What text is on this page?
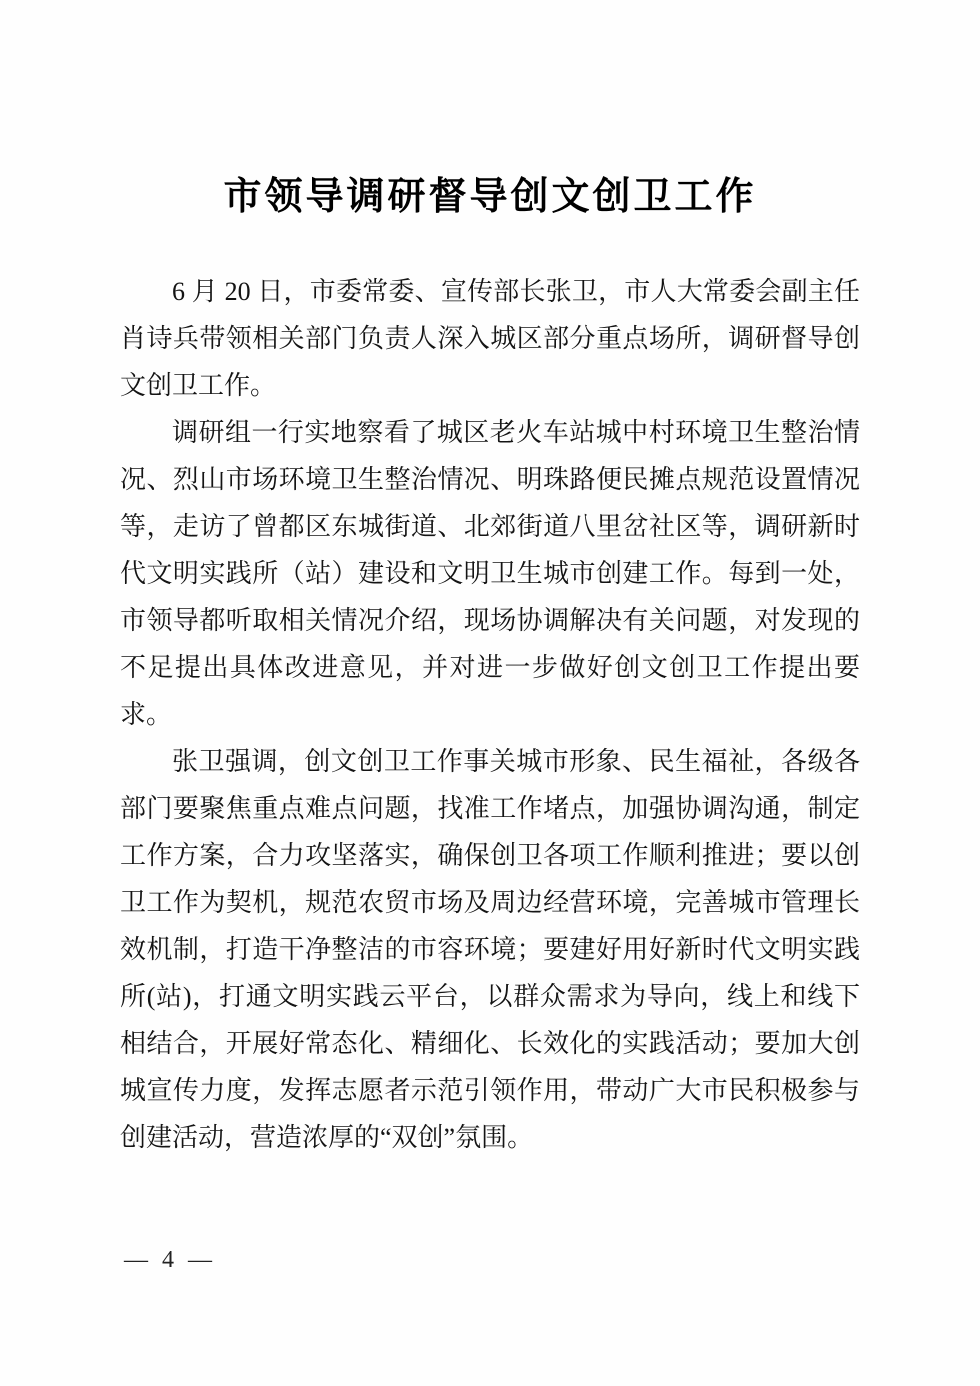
市领导调研督导创文创卫工作

6 月 20 日，市委常委、宣传部长张卫，市人大常委会副主任肖诗兵带领相关部门负责人深入城区部分重点场所，调研督导创文创卫工作。

调研组一行实地察看了城区老火车站城中村环境卫生整治情况、烈山市场环境卫生整治情况、明珠路便民摊点规范设置情况等，走访了曾都区东城街道、北郊街道八里岔社区等，调研新时代文明实践所（站）建设和文明卫生城市创建工作。每到一处，市领导都听取相关情况介绍，现场协调解决有关问题，对发现的不足提出具体改进意见，并对进一步做好创文创卫工作提出要求。

张卫强调，创文创卫工作事关城市形象、民生福祉，各级各部门要聚焦重点难点问题，找准工作堵点，加强协调沟通，制定工作方案，合力攻坚落实，确保创卫各项工作顺利推进；要以创卫工作为契机，规范农贸市场及周边经营环境，完善城市管理长效机制，打造干净整洁的市容环境；要建好用好新时代文明实践所(站)，打通文明实践云平台，以群众需求为导向，线上和线下相结合，开展好常态化、精细化、长效化的实践活动；要加大创城宣传力度，发挥志愿者示范引领作用，带动广大市民积极参与创建活动，营造浓厚的“双创”氛围。

— 4 —
